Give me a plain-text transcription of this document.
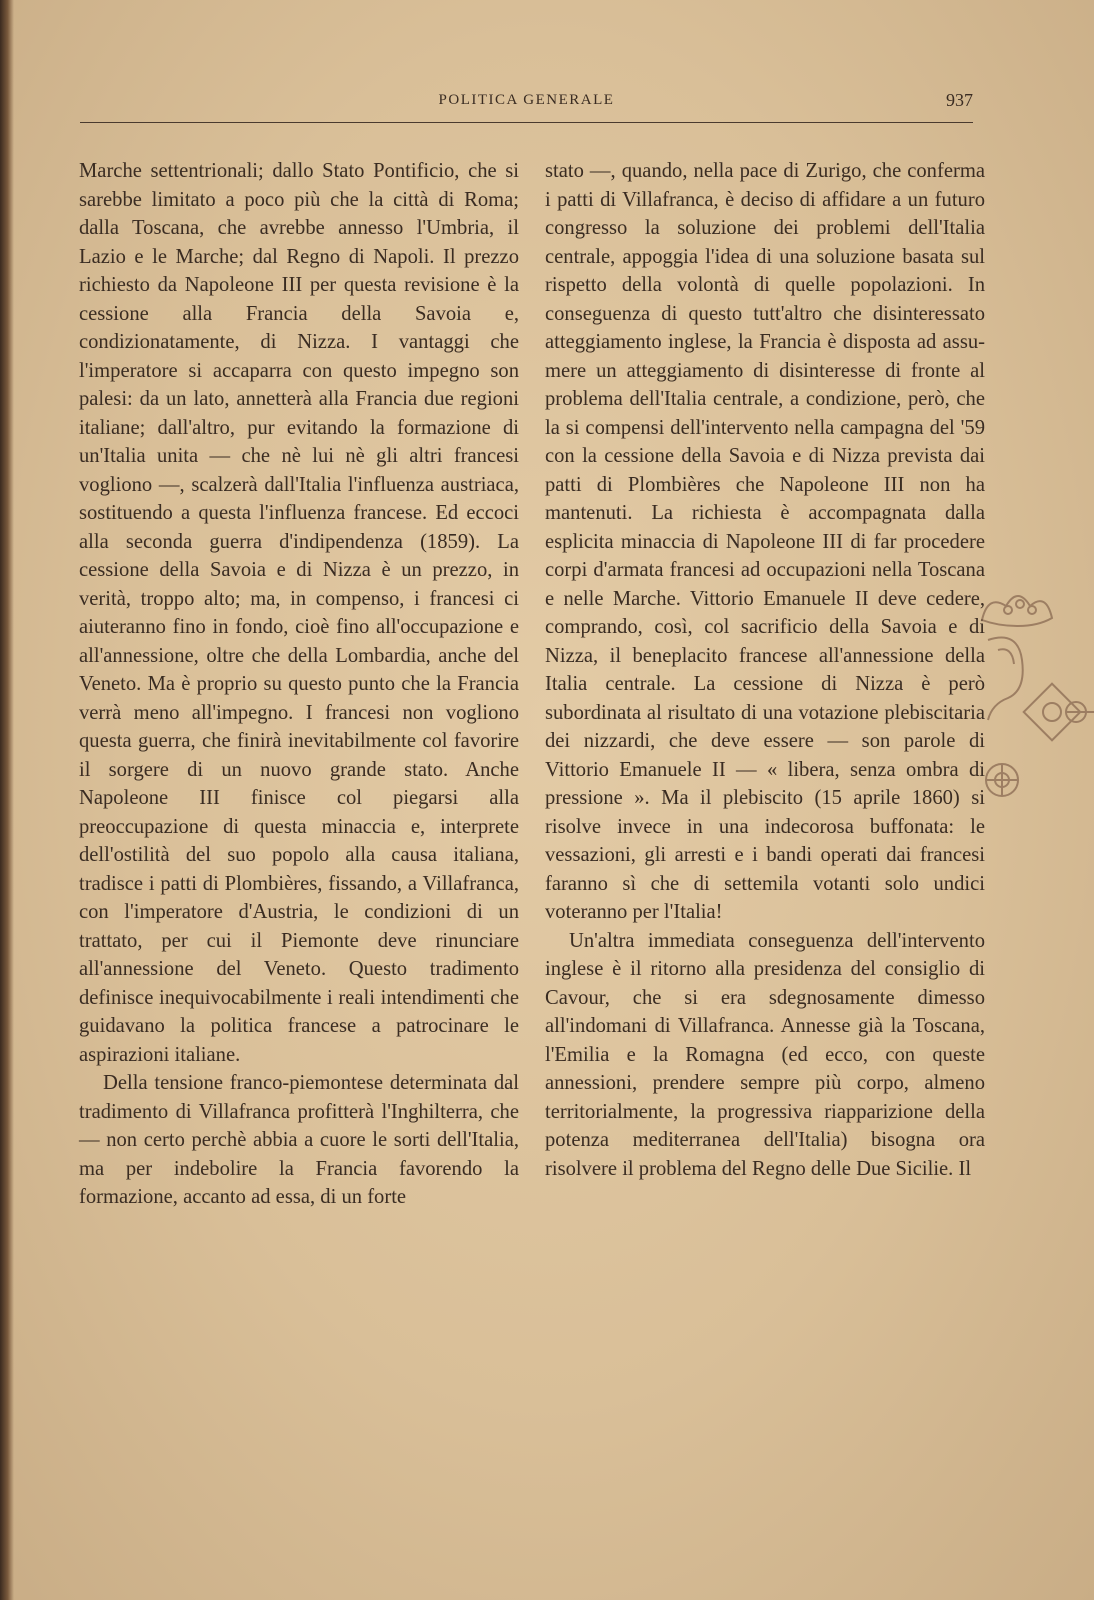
POLITICA GENERALE	937

Marche settentrionali; dallo Stato Pontificio, che si sarebbe limitato a poco più che la città di Roma; dalla Toscana, che avrebbe annesso l'Umbria, il Lazio e le Marche; dal Regno di Napoli. Il prezzo richiesto da Napoleone III per questa revisione è la cessione alla Francia della Savoia e, condizionatamente, di Nizza. I vantaggi che l'imperatore si accaparra con questo impegno son palesi: da un lato, annetterà alla Francia due regioni italiane; dall'altro, pur evitando la formazione di un'Italia unita — che nè lui nè gli altri francesi vogliono —, scalzerà dall'Italia l'influenza austriaca, sostituendo a questa l'influenza francese. Ed eccoci alla seconda guerra d'indipendenza (1859). La cessione della Savoia e di Nizza è un prezzo, in verità, troppo alto; ma, in compenso, i francesi ci aiuteranno fino in fondo, cioè fino all'occupazione e all'annessione, oltre che della Lombardia, anche del Veneto. Ma è proprio su questo punto che la Francia verrà meno all'impegno. I francesi non vogliono questa guerra, che finirà inevitabilmente col favorire il sorgere di un nuovo grande stato. Anche Napoleone III finisce col piegarsi alla preoccupazione di questa minaccia e, interprete dell'ostilità del suo popolo alla causa italiana, tradisce i patti di Plombières, fissando, a Villafranca, con l'imperatore d'Austria, le condizioni di un trattato, per cui il Piemonte deve rinunciare all'annessione del Veneto. Questo tradimento definisce inequivocabilmente i reali intendimenti che guidavano la politica francese a patrocinare le aspirazioni italiane.

Della tensione franco-piemontese determinata dal tradimento di Villafranca profitterà l'Inghilterra, che — non certo perchè abbia a cuore le sorti dell'Italia, ma per indebolire la Francia favorendo la formazione, accanto ad essa, di un forte

stato —, quando, nella pace di Zurigo, che conferma i patti di Villafranca, è deciso di affidare a un futuro congresso la soluzione dei problemi dell'Italia centrale, appoggia l'idea di una soluzione basata sul rispetto della volontà di quelle popolazioni. In conseguenza di questo tutt'altro che disinteressato atteggiamento inglese, la Francia è disposta ad assumere un atteggiamento di disinteresse di fronte al problema dell'Italia centrale, a condizione, però, che la si compensi dell'intervento nella campagna del '59 con la cessione della Savoia e di Nizza prevista dai patti di Plombières che Napoleone III non ha mantenuti. La richiesta è accompagnata dalla esplicita minaccia di Napoleone III di far procedere corpi d'armata francesi ad occupazioni nella Toscana e nelle Marche. Vittorio Emanuele II deve cedere, comprando, così, col sacrificio della Savoia e di Nizza, il beneplacito francese all'annessione della Italia centrale. La cessione di Nizza è però subordinata al risultato di una votazione plebiscitaria dei nizzardi, che deve essere — son parole di Vittorio Emanuele II — « libera, senza ombra di pressione ». Ma il plebiscito (15 aprile 1860) si risolve invece in una indecorosa buffonata: le vessazioni, gli arresti e i bandi operati dai francesi faranno sì che di settemila votanti solo undici voteranno per l'Italia!

Un'altra immediata conseguenza dell'intervento inglese è il ritorno alla presidenza del consiglio di Cavour, che si era sdegnosamente dimesso all'indomani di Villafranca. Annesse già la Toscana, l'Emilia e la Romagna (ed ecco, con queste annessioni, prendere sempre più corpo, almeno territorialmente, la progressiva riapparizione della potenza mediterranea dell'Italia) bisogna ora risolvere il problema del Regno delle Due Sicilie. Il
